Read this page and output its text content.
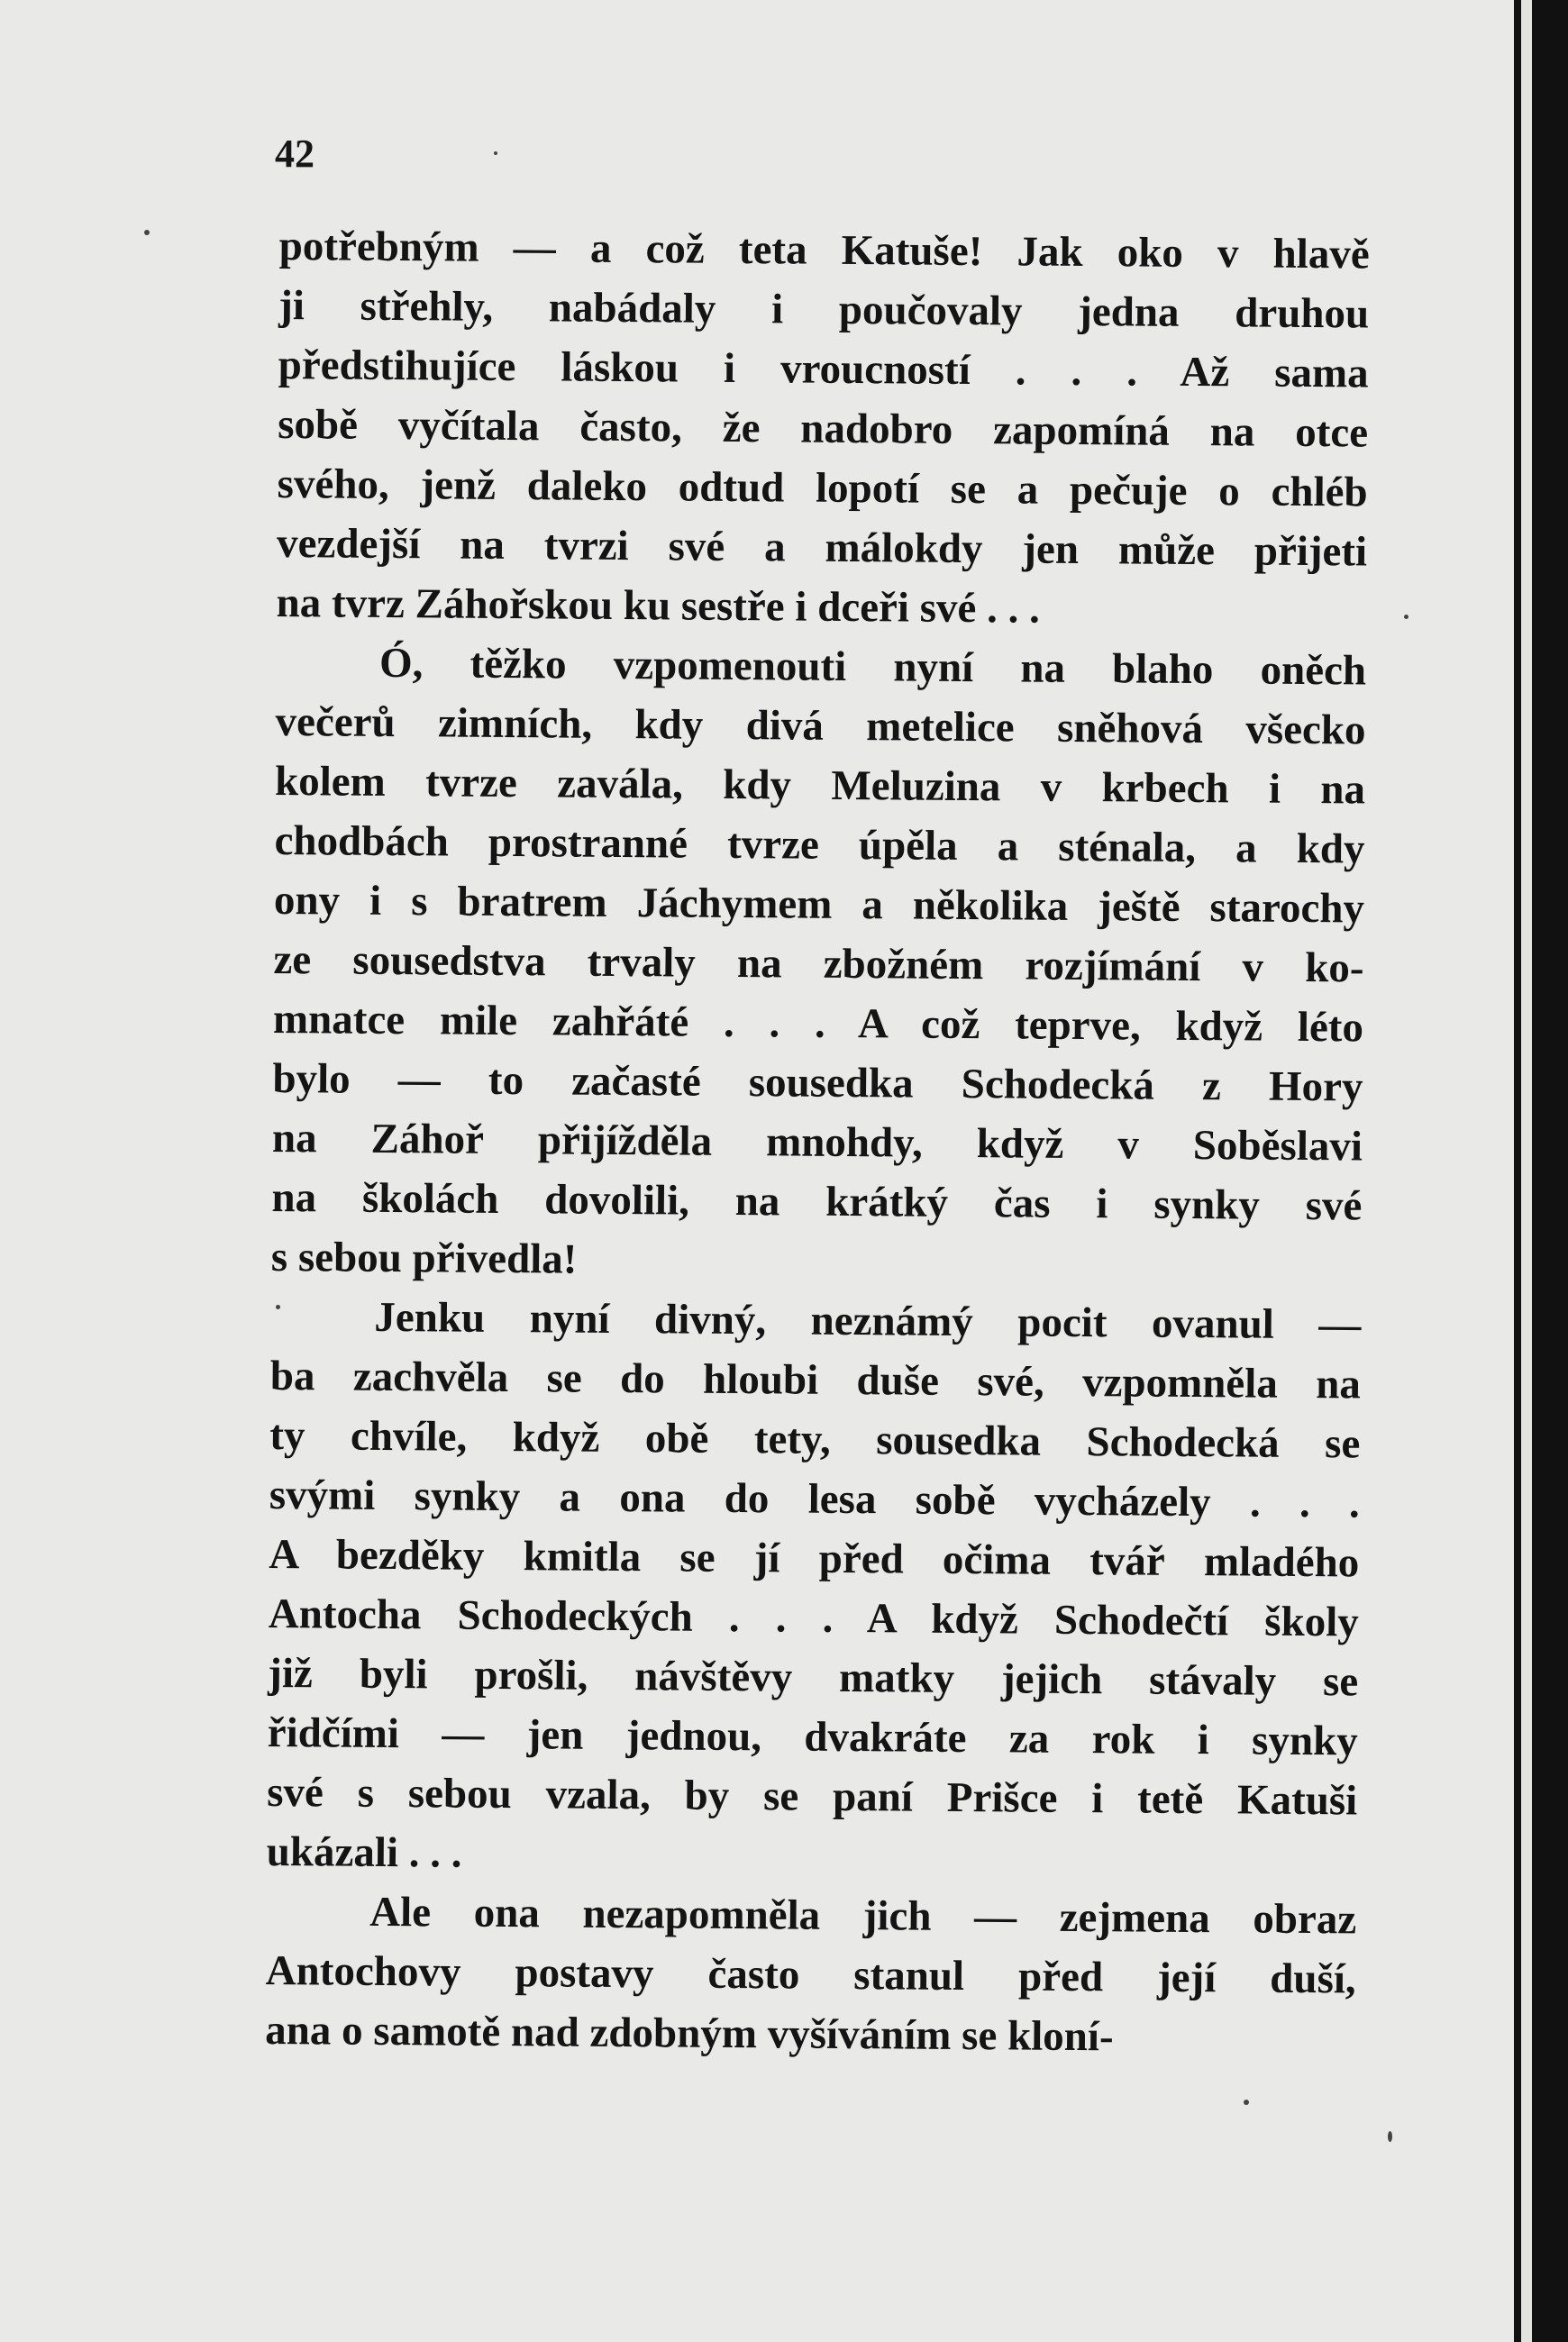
42
potřebným — a což teta Katuše! Jak oko v hlavě
ji střehly, nabádaly i poučovaly jedna druhou
předstihujíce láskou i vroucností . . . Až sama
sobě vyčítala často, že nadobro zapomíná na otce
svého, jenž daleko odtud lopotí se a pečuje o chléb
vezdejší na tvrzi své a málokdy jen může přijeti
na tvrz Záhořskou ku sestře i dceři své . . .
Ó, těžko vzpomenouti nyní na blaho oněch
večerů zimních, kdy divá metelice sněhová všecko
kolem tvrze zavála, kdy Meluzina v krbech i na
chodbách prostranné tvrze úpěla a sténala, a kdy
ony i s bratrem Jáchymem a několika ještě starochy
ze sousedstva trvaly na zbožném rozjímání v ko-
mnatce mile zahřáté . . . A což teprve, když léto
bylo — to začasté sousedka Schodecká z Hory
na Záhoř přijížděla mnohdy, když v Soběslavi
na školách dovolili, na krátký čas i synky své
s sebou přivedla!
Jenku nyní divný, neznámý pocit ovanul —
ba zachvěla se do hloubi duše své, vzpomněla na
ty chvíle, když obě tety, sousedka Schodecká se
svými synky a ona do lesa sobě vycházely . . .
A bezděky kmitla se jí před očima tvář mladého
Antocha Schodeckých . . . A když Schodečtí školy
již byli prošli, návštěvy matky jejich stávaly se
řidčími — jen jednou, dvakráte za rok i synky
své s sebou vzala, by se paní Prišce i tetě Katuši
ukázali . . .
Ale ona nezapomněla jich — zejmena obraz
Antochovy postavy často stanul před její duší,
ana o samotě nad zdobným vyšíváním se kloní-
